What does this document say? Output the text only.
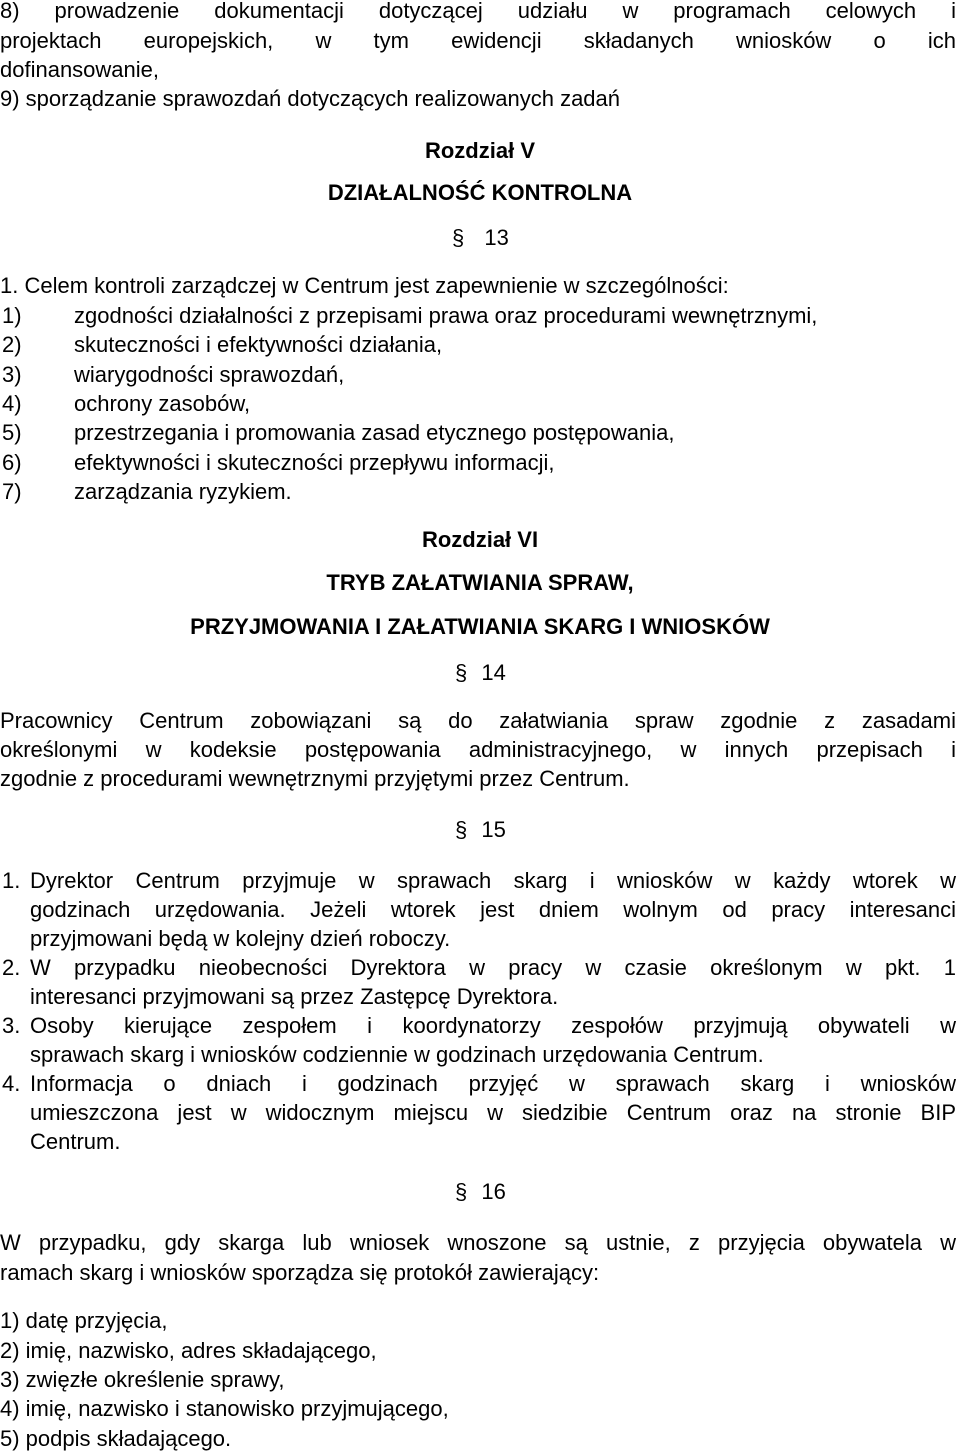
8) prowadzenie dokumentacji dotyczącej udziału w programach celowych i
projektach europejskich, w tym ewidencji składanych wniosków o ich
dofinansowanie,
9) sporządzanie sprawozdań dotyczących realizowanych zadań
Rozdział V
DZIAŁALNOŚĆ KONTROLNA
§ 13
1. Celem kontroli zarządczej w Centrum jest zapewnienie w szczególności:
1) zgodności działalności z przepisami prawa oraz procedurami wewnętrznymi,
2) skuteczności i efektywności działania,
3) wiarygodności sprawozdań,
4) ochrony zasobów,
5) przestrzegania i promowania zasad etycznego postępowania,
6) efektywności i skuteczności przepływu informacji,
7) zarządzania ryzykiem.
Rozdział VI
TRYB ZAŁATWIANIA SPRAW,
PRZYJMOWANIA I ZAŁATWIANIA SKARG I WNIOSKÓW
§ 14
Pracownicy Centrum zobowiązani są do załatwiania spraw zgodnie z zasadami
określonymi w kodeksie postępowania administracyjnego, w innych przepisach i
zgodnie z procedurami wewnętrznymi przyjętymi przez Centrum.
§ 15
1. Dyrektor Centrum przyjmuje w sprawach skarg i wniosków w każdy wtorek w
godzinach urzędowania. Jeżeli wtorek jest dniem wolnym od pracy interesanci
przyjmowani będą w kolejny dzień roboczy.
2. W przypadku nieobecności Dyrektora w pracy w czasie określonym w pkt. 1
interesanci przyjmowani są przez Zastępcę Dyrektora.
3. Osoby kierujące zespołem i koordynatorzy zespołów przyjmują obywateli w
sprawach skarg i wniosków codziennie w godzinach urzędowania Centrum.
4. Informacja o dniach i godzinach przyjęć w sprawach skarg i wniosków
umieszczona jest w widocznym miejscu w siedzibie Centrum oraz na stronie BIP
Centrum.
§ 16
W przypadku, gdy skarga lub wniosek wnoszone są ustnie, z przyjęcia obywatela w
ramach skarg i wniosków sporządza się protokół zawierający:
1) datę przyjęcia,
2) imię, nazwisko, adres składającego,
3) zwięzłe określenie sprawy,
4) imię, nazwisko i stanowisko przyjmującego,
5) podpis składającego.
